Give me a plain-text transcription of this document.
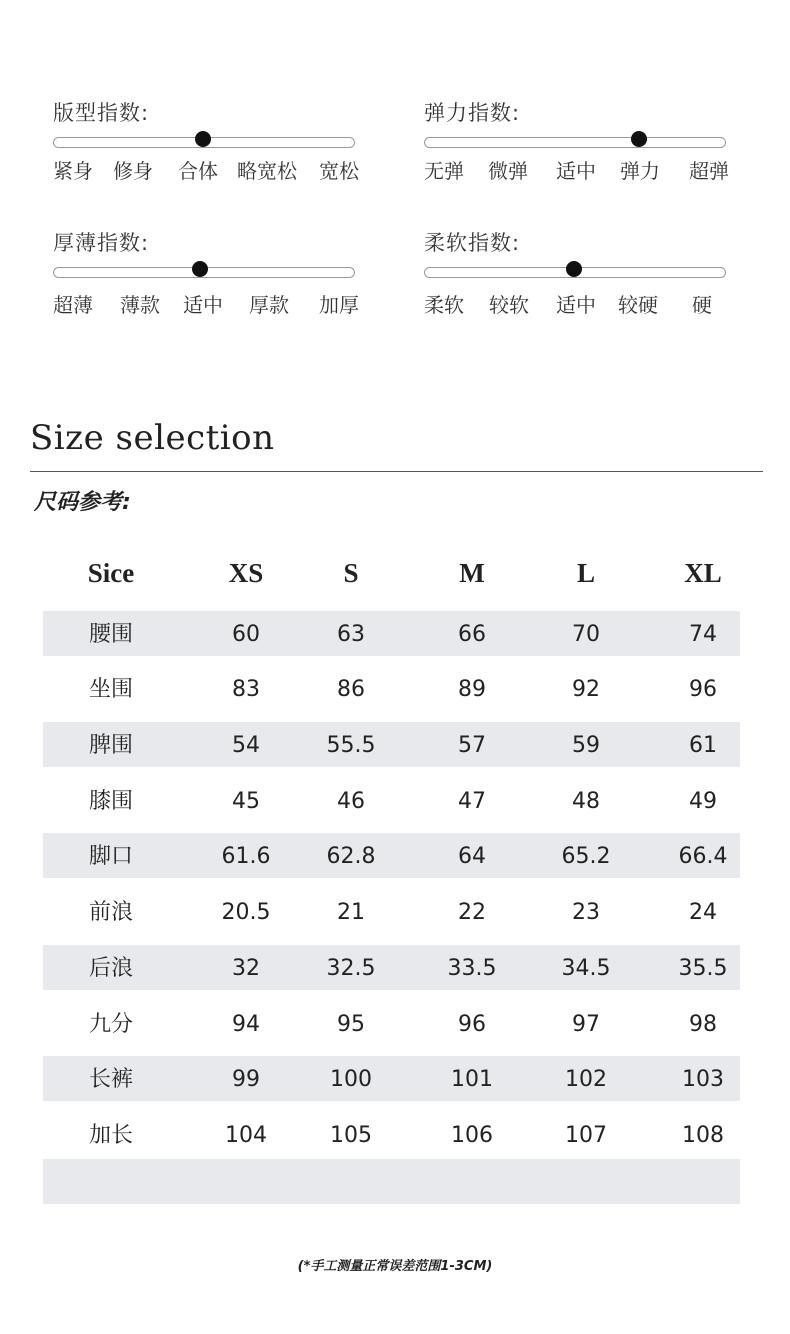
版型指数:
紧身 修身 合体 略宽松 宽松
弹力指数:
无弹 微弹 适中 弹力 超弹
厚薄指数:
超薄 薄款 适中 厚款 加厚
柔软指数:
柔软 较软 适中 较硬 硬
Size selection
尺码参考:
Sice	XS	S	M	L	XL
腰围	60	63	66	70	74
坐围	83	86	89	92	96
脾围	54	55.5	57	59	61
膝围	45	46	47	48	49
脚口	61.6	62.8	64	65.2	66.4
前浪	20.5	21	22	23	24
后浪	32	32.5	33.5	34.5	35.5
九分	94	95	96	97	98
长裤	99	100	101	102	103
加长	104	105	106	107	108
(*手工测量正常误差范围1-3CM)
